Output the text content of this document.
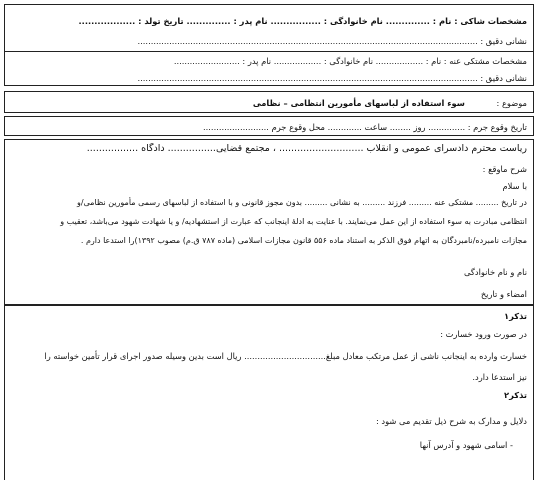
مشخصات شاکی : نام : .............. نام خانوادگی : ................ نام پدر : .............. تاریخ تولد : ..................
نشانی دقیق : .................................................................................................................................
مشخصات مشتکی عنه : نام : .................. نام خانوادگی : .................. نام پدر : .........................
نشانی دقیق : .................................................................................................................................
موضوع :            سوء استفاده از لباسهای مأمورین انتظامی – نظامی
تاریخ وقوع جرم : .............. روز ........ ساعت ............. محل وقوع جرم .........................
ریاست محترم دادسرای عمومی و انقلاب ............................ ، مجتمع قضایی................ دادگاه .................
شرح ماوقع :
با سلام
در تاریخ ......... مشتکی عنه ......... فرزند ......... به نشانی ......... بدون مجوز قانونی و با استفاده از لباسهای رسمی مأمورین نظامی/و
انتظامی مبادرت به سوء استفاده از این عمل می‌نمایند. با عنایت به ادلهٔ اینجانب که عبارت از استشهادیه/ و یا شهادت شهود می‌باشد، تعقیب و
مجازات نامبرده/نامبردگان به اتهام فوق الذکر به استناد ماده ۵۵۶ قانون مجازات اسلامی (ماده ۷۸۷ ق.م) مصوب ۱۳۹۲)را استدعا دارم .
نام و نام خانوادگی
امضاء و تاریخ
تذکر۱
در صورت ورود خسارت :
خسارت وارده به اینجانب ناشی از عمل مرتکب معادل مبلغ............................... ریال است بدین وسیله صدور اجرای قرار تأمین خواسته را
نیز استدعا دارد.
تذکر۲
دلایل و مدارک به شرح ذیل تقدیم می شود :
- اسامی شهود و آدرس آنها
